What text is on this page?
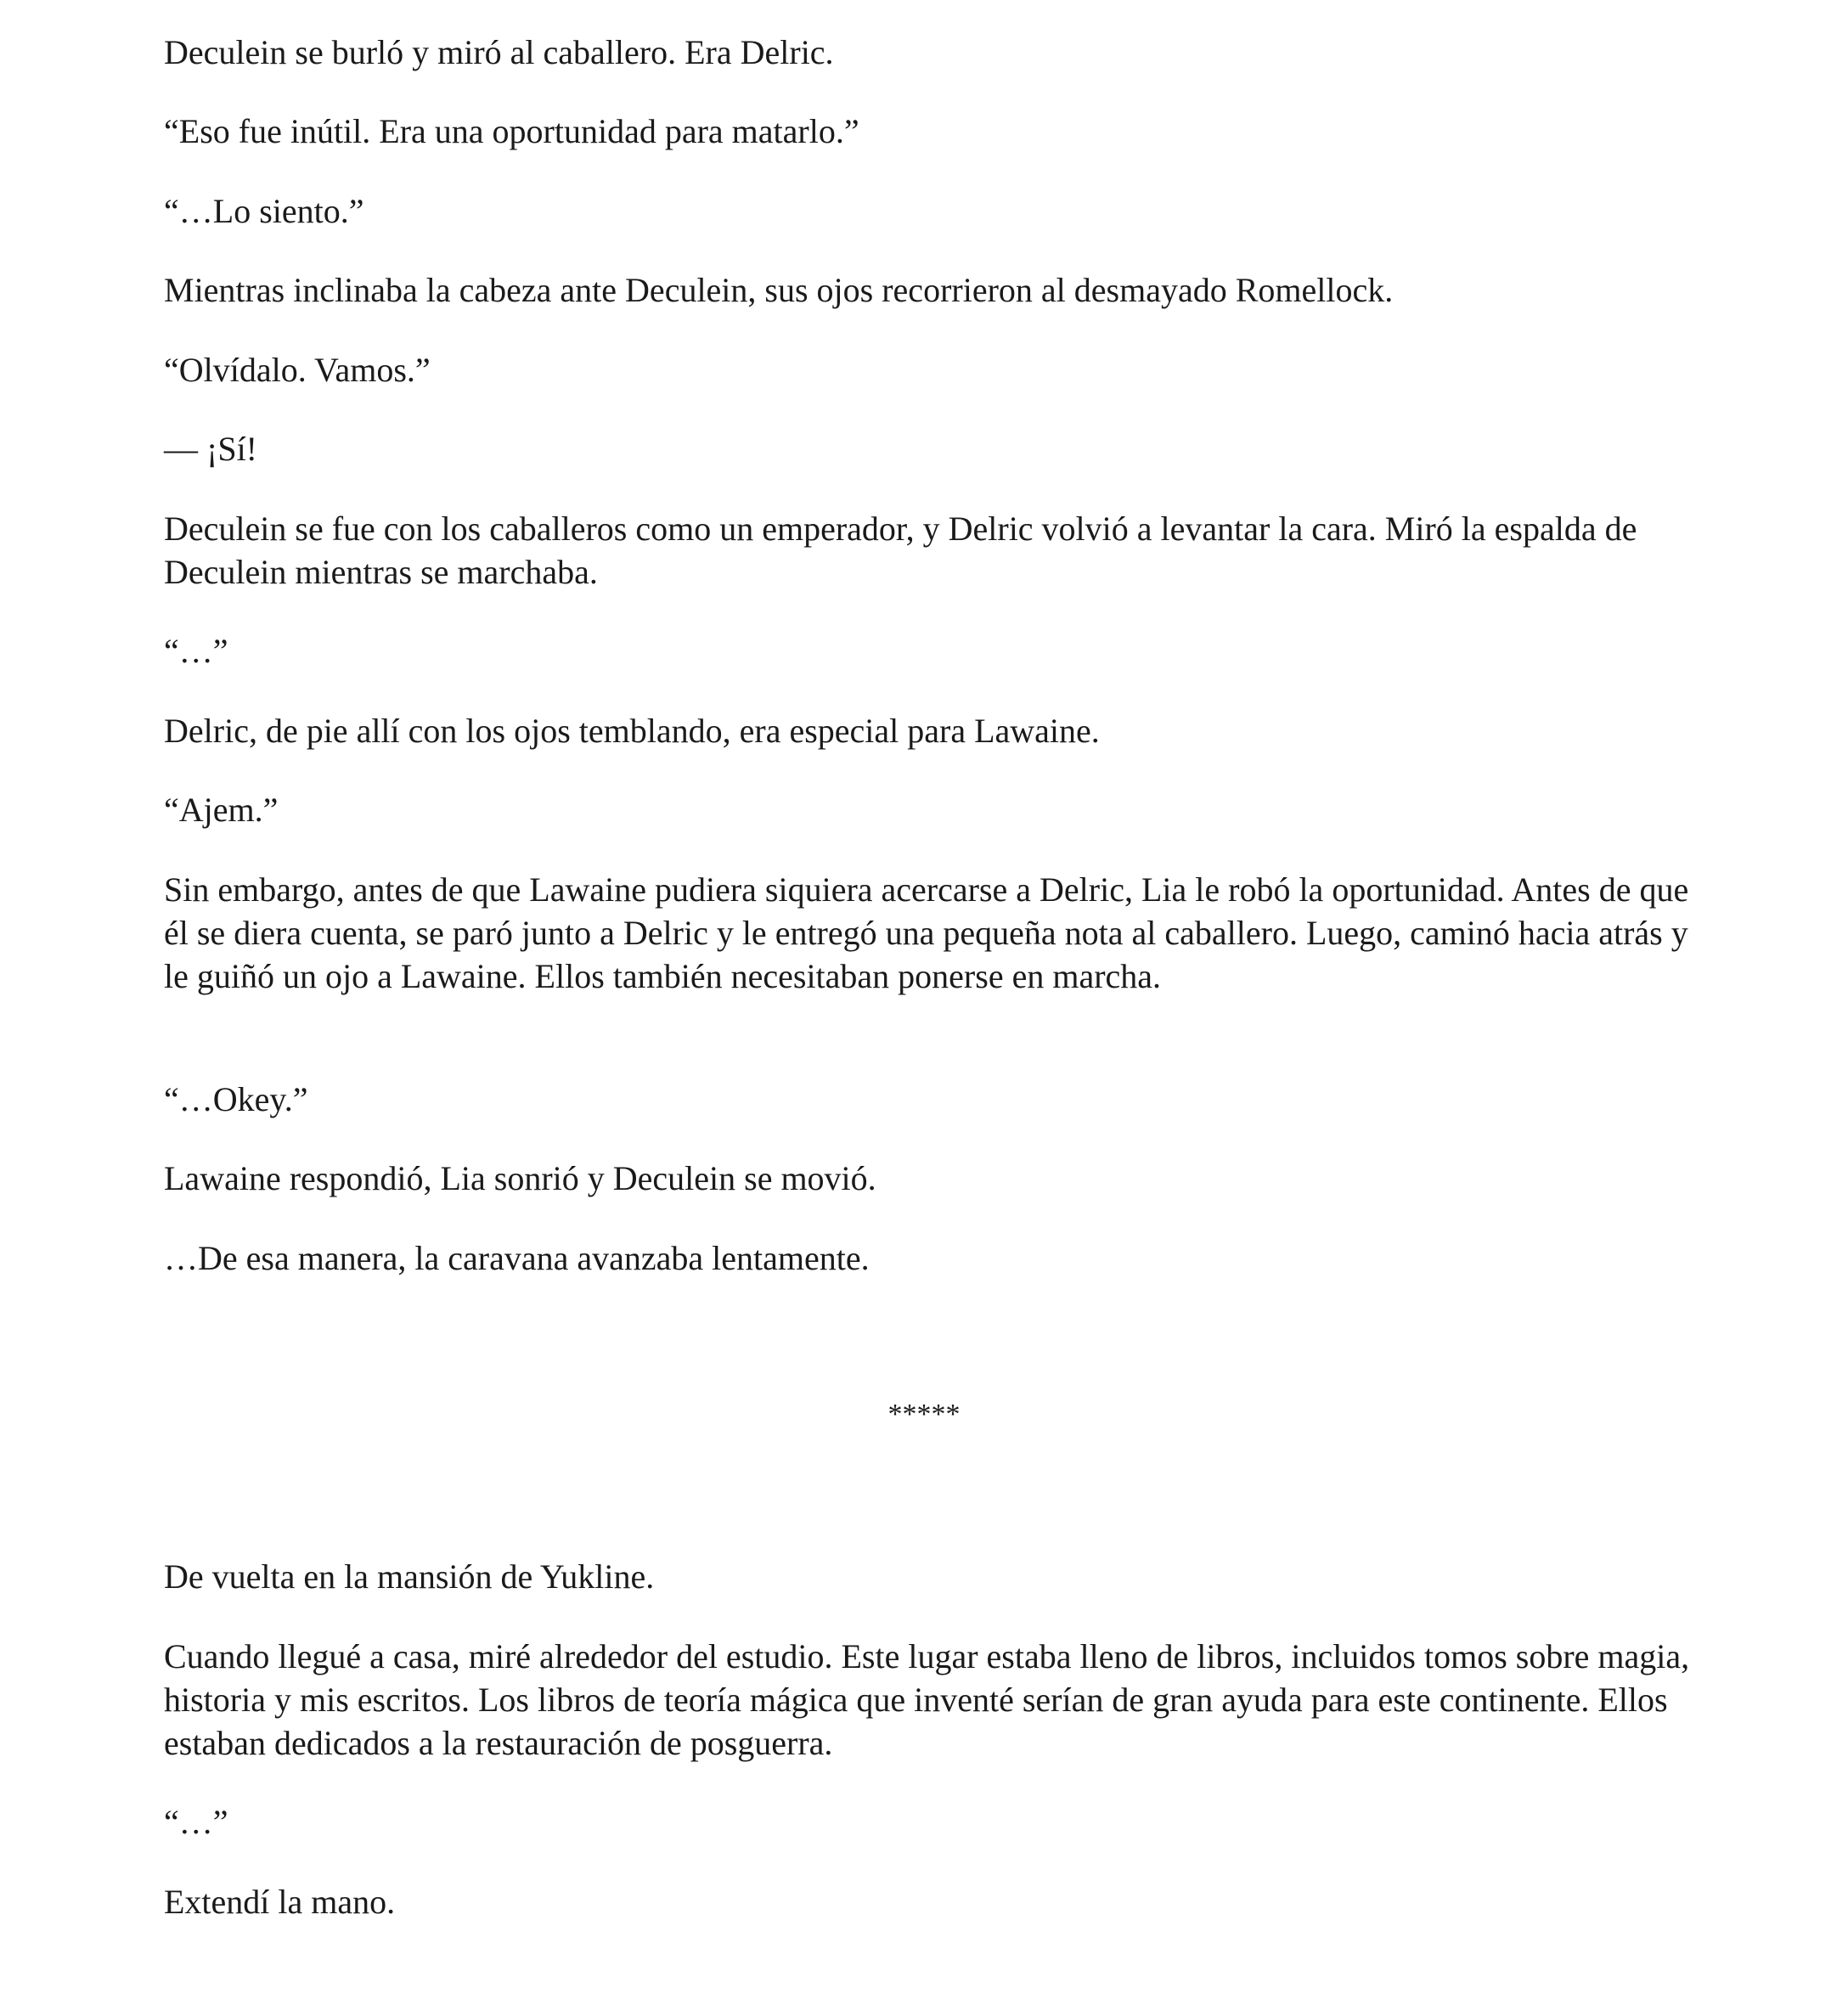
Deculein se burló y miró al caballero. Era Delric.

“Eso fue inútil. Era una oportunidad para matarlo.”

“…Lo siento.”

Mientras inclinaba la cabeza ante Deculein, sus ojos recorrieron al desmayado Romellock.

“Olvídalo. Vamos.”

— ¡Sí!

Deculein se fue con los caballeros como un emperador, y Delric volvió a levantar la cara. Miró la espalda de Deculein mientras se marchaba.

“…”

Delric, de pie allí con los ojos temblando, era especial para Lawaine.

“Ajem.”

Sin embargo, antes de que Lawaine pudiera siquiera acercarse a Delric, Lia le robó la oportunidad. Antes de que él se diera cuenta, se paró junto a Delric y le entregó una pequeña nota al caballero. Luego, caminó hacia atrás y le guiñó un ojo a Lawaine. Ellos también necesitaban ponerse en marcha.

“…Okey.”

Lawaine respondió, Lia sonrió y Deculein se movió.

…De esa manera, la caravana avanzaba lentamente.

*****

De vuelta en la mansión de Yukline.

Cuando llegué a casa, miré alrededor del estudio. Este lugar estaba lleno de libros, incluidos tomos sobre magia, historia y mis escritos. Los libros de teoría mágica que inventé serían de gran ayuda para este continente. Ellos estaban dedicados a la restauración de posguerra.

“…”

Extendí la mano.
